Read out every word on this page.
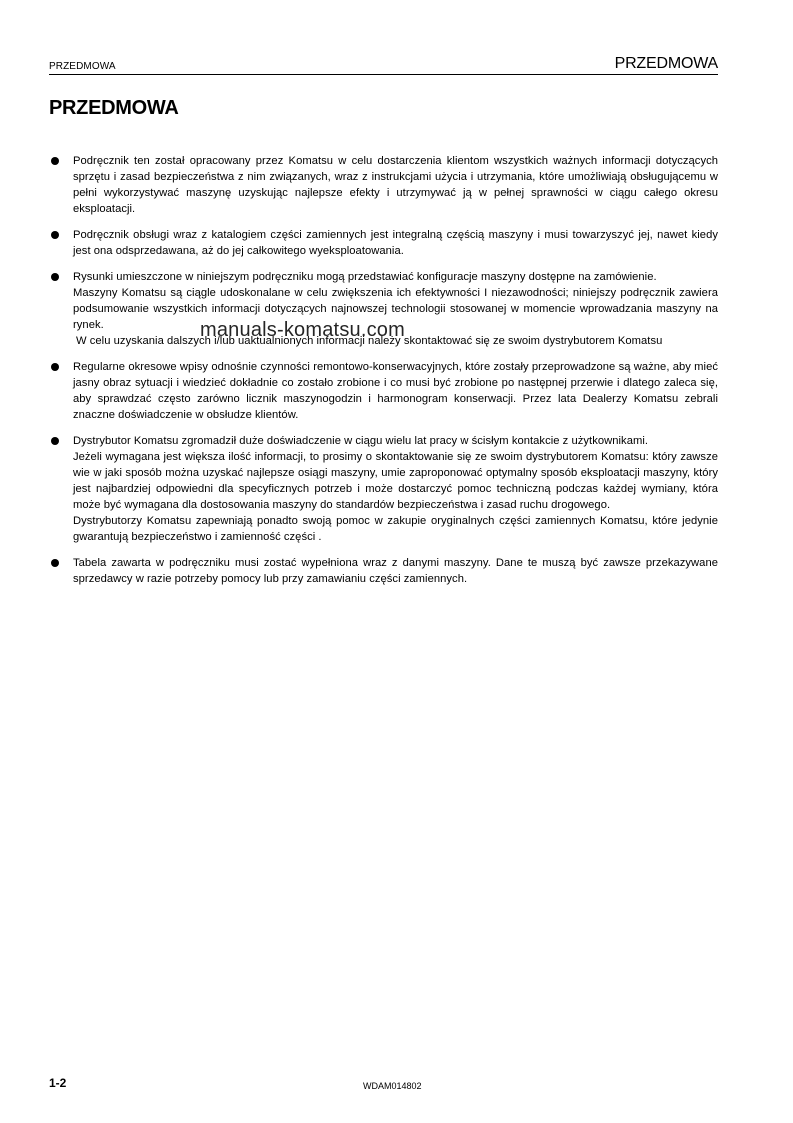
PRZEDMOWA	PRZEDMOWA
PRZEDMOWA
Podręcznik ten został opracowany przez Komatsu w celu dostarczenia klientom wszystkich ważnych informacji dotyczących sprzętu i zasad bezpieczeństwa z nim związanych, wraz z instrukcjami użycia i utrzymania, które umożliwiają obsługującemu w pełni wykorzystywać maszynę uzyskując najlepsze efekty i utrzymywać ją w pełnej sprawności w ciągu całego okresu eksploatacji.
Podręcznik obsługi wraz z katalogiem części zamiennych jest integralną częścią maszyny i musi towarzyszyć jej, nawet kiedy jest ona odsprzedawana, aż do jej całkowitego wyeksploatowania.
Rysunki umieszczone w niniejszym podręczniku mogą przedstawiać konfiguracje maszyny dostępne na zamówienie.
Maszyny Komatsu są ciągle udoskonalane w celu zwiększenia ich efektywności I niezawodności; niniejszy podręcznik zawiera podsumowanie wszystkich informacji dotyczących najnowszej technologii stosowanej w momencie wprowadzania maszyny na rynek.
W celu uzyskania dalszych i/lub uaktualnionych informacji należy skontaktować się ze swoim dystrybutorem Komatsu
Regularne okresowe wpisy odnośnie czynności remontowo-konserwacyjnych, które zostały przeprowadzone są ważne, aby mieć jasny obraz sytuacji i wiedzieć dokładnie co zostało zrobione i co musi być zrobione po następnej przerwie i dlatego zaleca się, aby sprawdzać często zarówno licznik maszynogodzin i harmonogram konserwacji. Przez lata Dealerzy Komatsu zebrali znaczne doświadczenie w obsłudze klientów.
Dystrybutor Komatsu zgromadził duże doświadczenie w ciągu wielu lat pracy w ścisłym kontakcie z użytkownikami.
Jeżeli wymagana jest większa ilość informacji, to prosimy o skontaktowanie się ze swoim dystrybutorem Komatsu: który zawsze wie w jaki sposób można uzyskać najlepsze osiągi maszyny, umie zaproponować optymalny sposób eksploatacji maszyny, który jest najbardziej odpowiedni dla specyficznych potrzeb i może dostarczyć pomoc techniczną podczas każdej wymiany, która może być wymagana dla dostosowania maszyny do standardów bezpieczeństwa i zasad ruchu drogowego.
Dystrybutorzy Komatsu zapewniają ponadto swoją pomoc w zakupie oryginalnych części zamiennych Komatsu, które jedynie gwarantują bezpieczeństwo i zamienność części .
Tabela zawarta w podręczniku musi zostać wypełniona wraz z danymi maszyny. Dane te muszą być zawsze przekazywane sprzedawcy w razie potrzeby pomocy lub przy zamawianiu części zamiennych.
manuals-komatsu.com
1-2	WDAM014802
